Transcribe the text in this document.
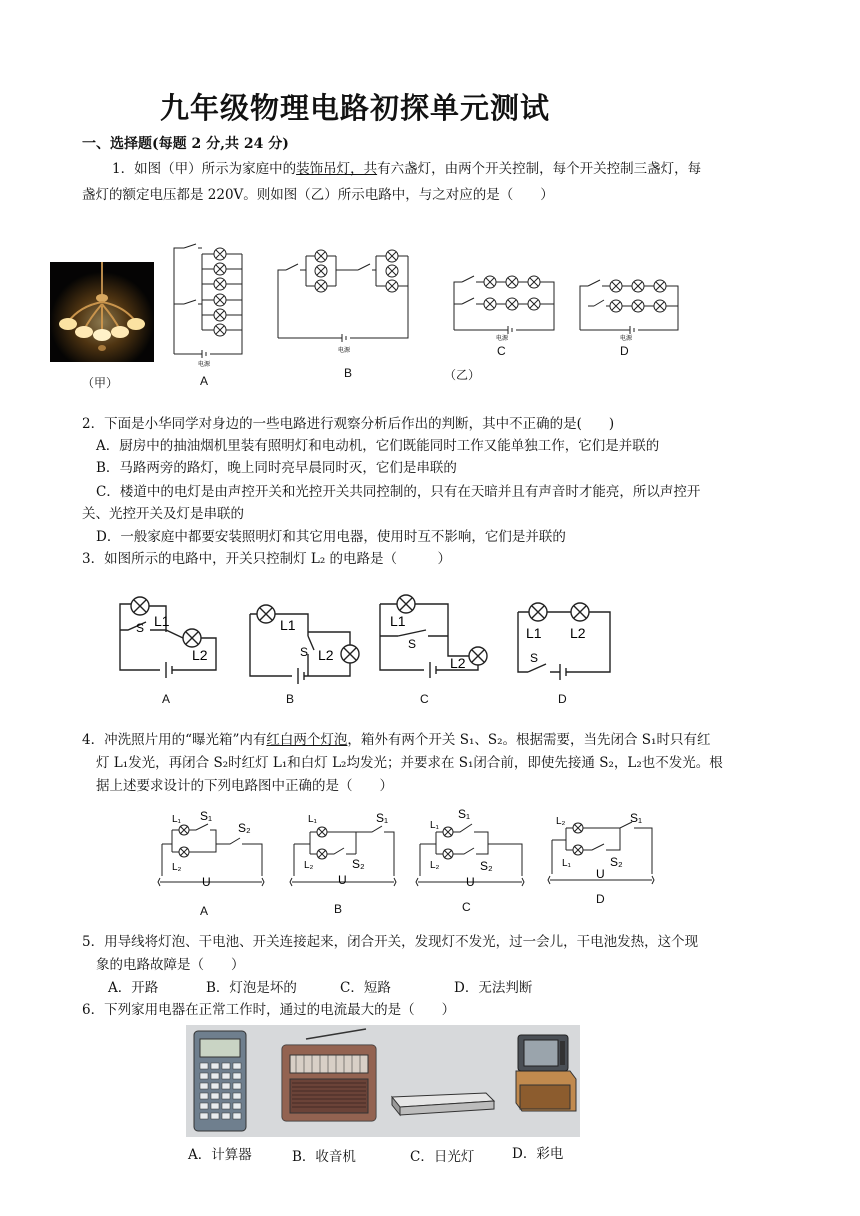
九年级物理电路初探单元测试
一、选择题(每题 2 分,共 24 分)
1．如图（甲）所示为家庭中的装饰吊灯，共有六盏灯，由两个开关控制，每个开关控制三盏灯，每
盏灯的额定电压都是 220V。则如图（乙）所示电路中，与之对应的是（　　）
（甲）
电源
A
电源
B	（乙）
电源
C
电源
D
2．下面是小华同学对身边的一些电路进行观察分析后作出的判断，其中不正确的是(　　)
A．厨房中的抽油烟机里装有照明灯和电动机，它们既能同时工作又能单独工作，它们是并联的
B．马路两旁的路灯，晚上同时亮早晨同时灭，它们是串联的
C．楼道中的电灯是由声控开关和光控开关共同控制的，只有在天暗并且有声音时才能亮，所以声控开
关、光控开关及灯是串联的
D．一般家庭中都要安装照明灯和其它用电器，使用时互不影响，它们是并联的
3．如图所示的电路中，开关只控制灯 L₂ 的电路是（　　　）
S L1
L2
A
L1
S L2
B
L1
S
L2
C
L1 L2
S
D
4．冲洗照片用的“曝光箱”内有红白两个灯泡，箱外有两个开关 S₁、S₂。根据需要，当先闭合 S₁时只有红
灯 L₁发光，再闭合 S₂时红灯 L₁和白灯 L₂均发光；并要求在 S₁闭合前，即使先接通 S₂，L₂也不发光。根
据上述要求设计的下列电路图中正确的是（　　）
L₁ S₁
S₂
L₂
U
A
L₁	S₁
L₂	S₂
U
B
L₁
S₁
L₂	S₂
U
C
L₂	S₁
L₁	S₂
U
D
5．用导线将灯泡、干电池、开关连接起来，闭合开关，发现灯不发光，过一会儿，干电池发热，这个现
象的电路故障是（　　）
A．开路	B．灯泡是坏的	C．短路	D．无法判断
6．下列家用电器在正常工作时，通过的电流最大的是（　　）
A．计算器	B．收音机	C．日光灯	D．彩电
